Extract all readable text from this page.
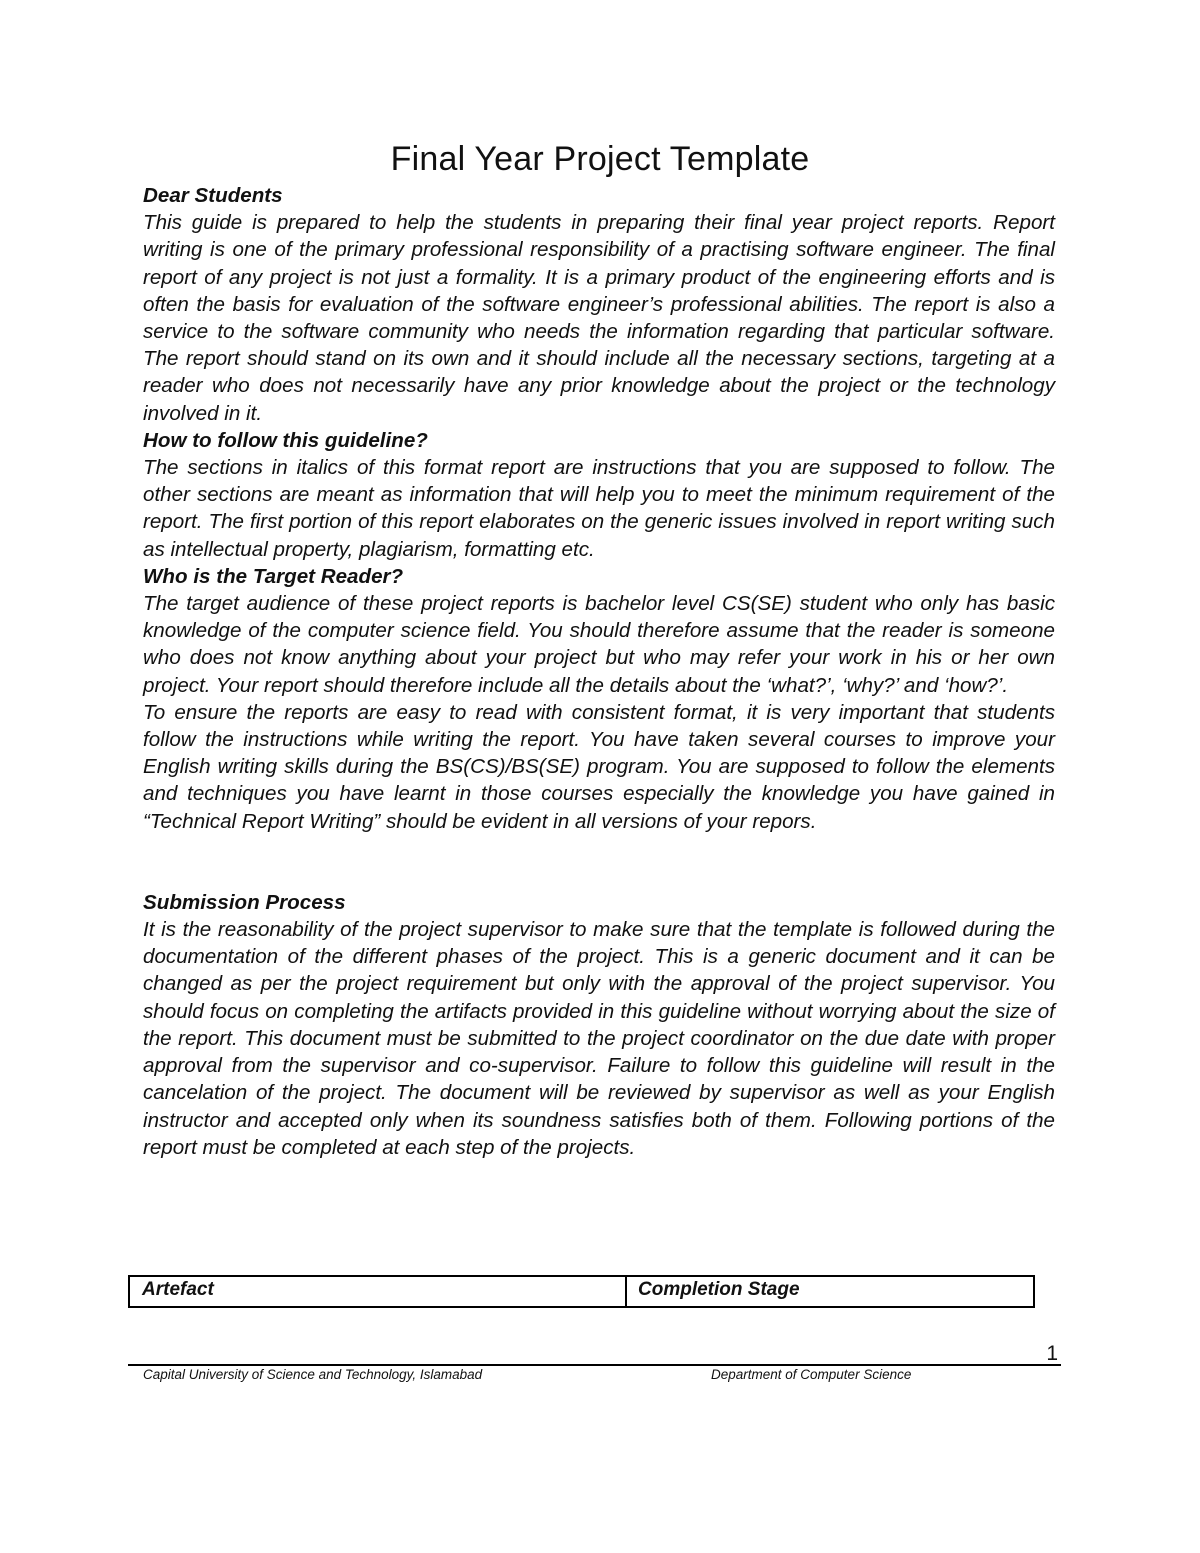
Final Year Project Template

Dear Students

This guide is prepared to help the students in preparing their final year project reports. Report writing is one of the primary professional responsibility of a practising software engineer. The final report of any project is not just a formality. It is a primary product of the engineering efforts and is often the basis for evaluation of the software engineer’s professional abilities. The report is also a service to the software community who needs the information regarding that particular software. The report should stand on its own and it should include all the necessary sections, targeting at a reader who does not necessarily have any prior knowledge about the project or the technology involved in it.

How to follow this guideline?

The sections in italics of this format report are instructions that you are supposed to follow. The other sections are meant as information that will help you to meet the minimum requirement of the report. The first portion of this report elaborates on the generic issues involved in report writing such as intellectual property, plagiarism, formatting etc.

Who is the Target Reader?

The target audience of these project reports is bachelor level CS(SE) student who only has basic knowledge of the computer science field. You should therefore assume that the reader is someone who does not know anything about your project but who may refer your work in his or her own project. Your report should therefore include all the details about the ‘what?’, ‘why?’ and ‘how?’.

To ensure the reports are easy to read with consistent format, it is very important that students follow the instructions while writing the report. You have taken several courses to improve your English writing skills during the BS(CS)/BS(SE) program. You are supposed to follow the elements and techniques you have learnt in those courses especially the knowledge you have gained in “Technical Report Writing” should be evident in all versions of your repors.

Submission Process

It is the reasonability of the project supervisor to make sure that the template is followed during the documentation of the different phases of the project. This is a generic document and it can be changed as per the project requirement but only with the approval of the project supervisor. You should focus on completing the artifacts provided in this guideline without worrying about the size of the report. This document must be submitted to the project coordinator on the due date with proper approval from the supervisor and co-supervisor. Failure to follow this guideline will result in the cancelation of the project. The document will be reviewed by supervisor as well as your English instructor and accepted only when its soundness satisfies both of them. Following portions of the report must be completed at each step of the projects.

Artefact	Completion Stage
1
Capital University of Science and Technology, Islamabad	Department of Computer Science
